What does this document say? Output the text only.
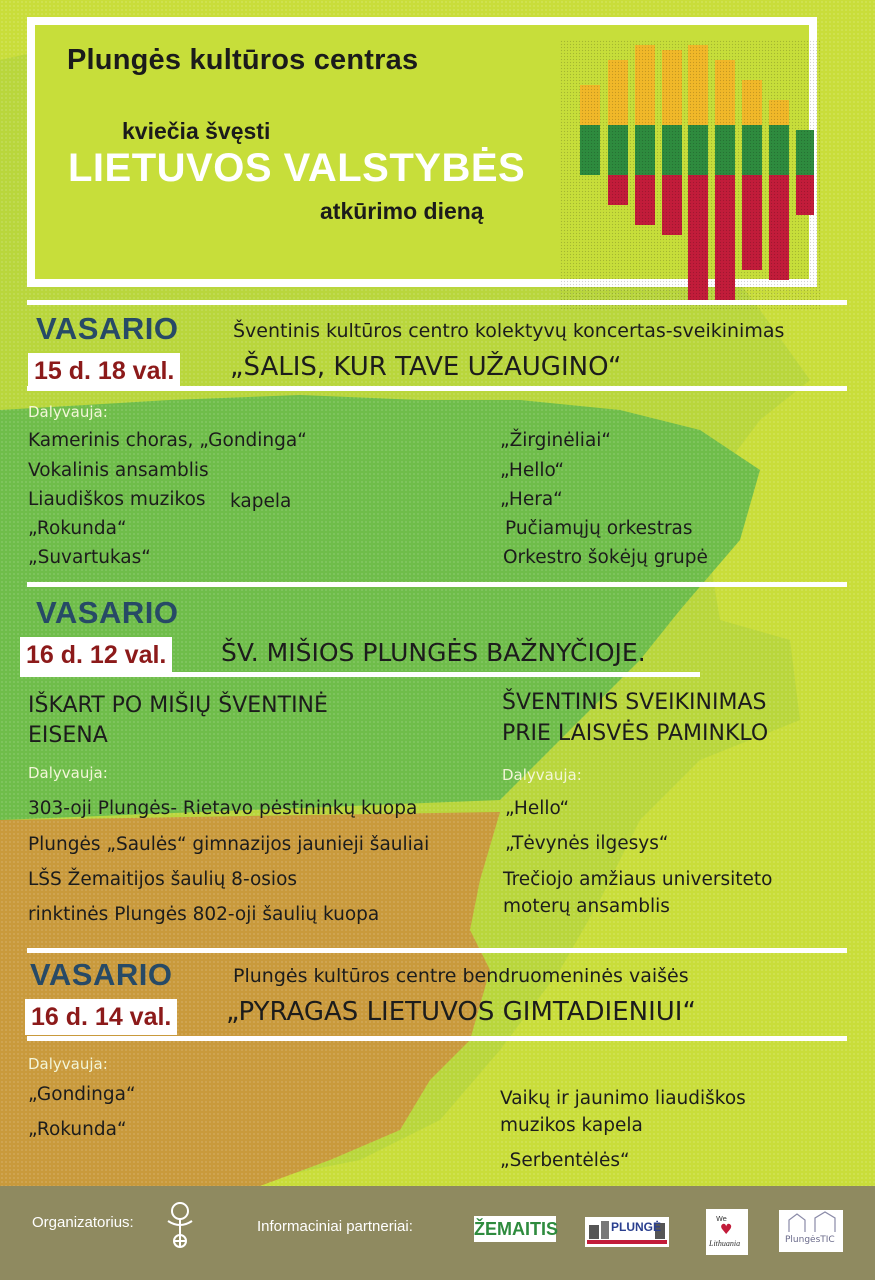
Plungės kultūros centras
kviečia švęsti
LIETUVOS VALSTYBĖS
atkūrimo dieną
VASARIO	Šventinis kultūros centro kolektyvų koncertas-sveikinimas
15 d. 18 val. „ŠALIS, KUR TAVE UŽAUGINO“
Dalyvauja:
Kamerinis choras, „Gondinga“
Vokalinis ansamblis
Liaudiškos muzikos kapela
„Rokunda“
„Suvartukas“
„Žirginėliai“
„Hello“
„Hera“
Pučiamųjų orkestras
Orkestro šokėjų grupė
VASARIO
16 d. 12 val. ŠV. MIŠIOS PLUNGĖS BAŽNYČIOJE.
IŠKART PO MIŠIŲ ŠVENTINĖ
EISENA
ŠVENTINIS SVEIKINIMAS
PRIE LAISVĖS PAMINKLO
Dalyvauja:	Dalyvauja:
303-oji Plungės- Rietavo pėstininkų kuopa
Plungės „Saulės“ gimnazijos jaunieji šauliai
LŠS Žemaitijos šaulių 8-osios
rinktinės Plungės 802-oji šaulių kuopa
„Hello“
„Tėvynės ilgesys“
Trečiojo amžiaus universiteto
moterų ansamblis
VASARIO	Plungės kultūros centre bendruomeninės vaišės
16 d. 14 val. „PYRAGAS LIETUVOS GIMTADIENIUI“
Dalyvauja:
„Gondinga“
„Rokunda“
Vaikų ir jaunimo liaudiškos
muzikos kapela
„Serbentėlės“
Organizatorius:	Informaciniai partneriai:	ŽEMAITIS	PLUNGĖ
We
♥
Lithuania	PlungėsTIC
